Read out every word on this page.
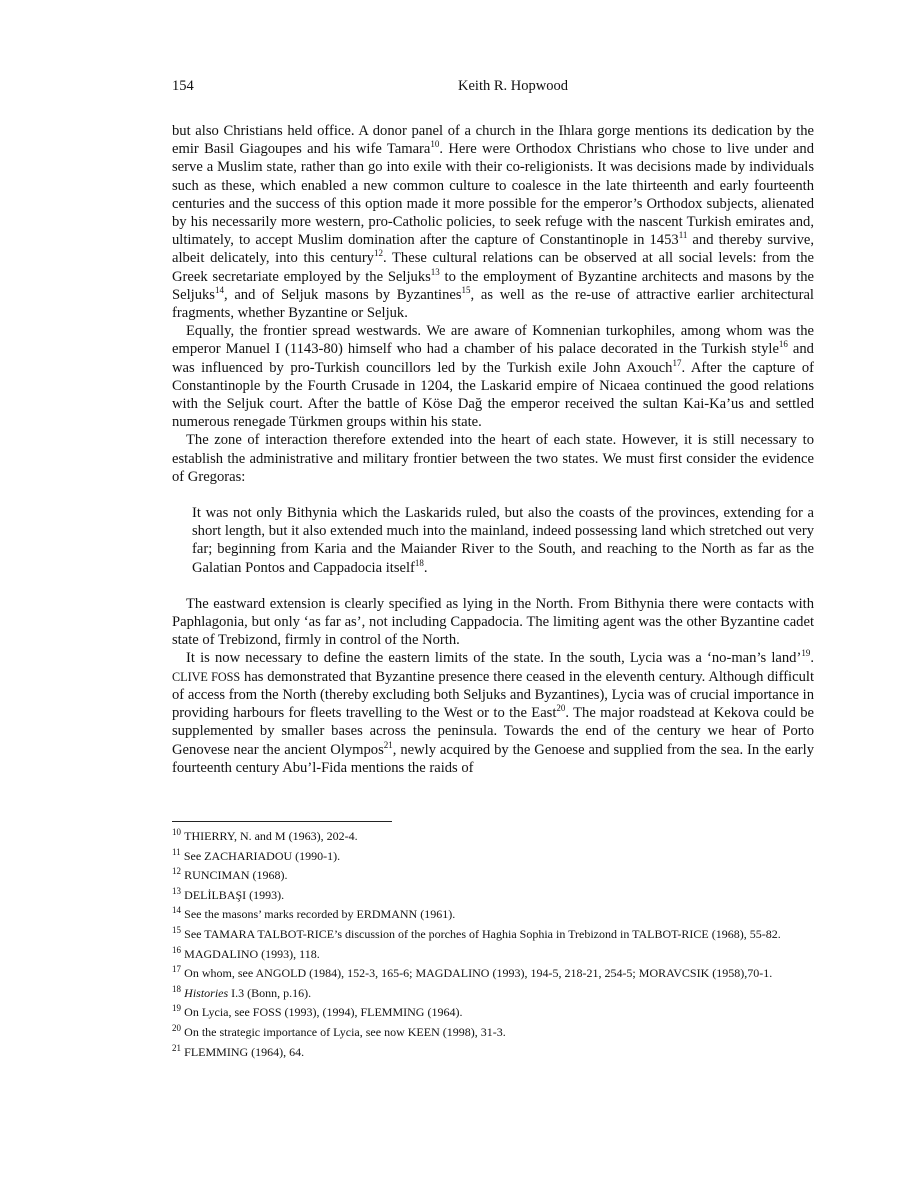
154	Keith R. Hopwood

but also Christians held office. A donor panel of a church in the Ihlara gorge mentions its dedication by the emir Basil Giagoupes and his wife Tamara$^{10}$. Here were Orthodox Christians who chose to live under and serve a Muslim state, rather than go into exile with their co-religionists. It was decisions made by individuals such as these, which enabled a new common culture to coalesce in the late thirteenth and early fourteenth centuries and the success of this option made it more possible for the emperor’s Orthodox subjects, alienated by his necessarily more western, pro-Catholic policies, to seek refuge with the nascent Turkish emirates and, ultimately, to accept Muslim domination after the capture of Constantinople in 1453$^{11}$ and thereby survive, albeit delicately, into this century$^{12}$. These cultural relations can be observed at all social levels: from the Greek secretariate employed by the Seljuks$^{13}$ to the employment of Byzantine architects and masons by the Seljuks$^{14}$, and of Seljuk masons by Byzantines$^{15}$, as well as the re-use of attractive earlier architectural fragments, whether Byzantine or Seljuk.

Equally, the frontier spread westwards. We are aware of Komnenian turkophiles, among whom was the emperor Manuel I (1143-80) himself who had a chamber of his palace decorated in the Turkish style$^{16}$ and was influenced by pro-Turkish councillors led by the Turkish exile John Axouch$^{17}$. After the capture of Constantinople by the Fourth Crusade in 1204, the Laskarid empire of Nicaea continued the good relations with the Seljuk court. After the battle of Köse Dağ the emperor received the sultan Kai-Ka’us and settled numerous renegade Türkmen groups within his state.

The zone of interaction therefore extended into the heart of each state. However, it is still necessary to establish the administrative and military frontier between the two states. We must first consider the evidence of Gregoras:

It was not only Bithynia which the Laskarids ruled, but also the coasts of the provinces, extending for a short length, but it also extended much into the mainland, indeed possessing land which stretched out very far; beginning from Karia and the Maiander River to the South, and reaching to the North as far as the Galatian Pontos and Cappadocia itself$^{18}$.

The eastward extension is clearly specified as lying in the North. From Bithynia there were contacts with Paphlagonia, but only ‘as far as’, not including Cappadocia. The limiting agent was the other Byzantine cadet state of Trebizond, firmly in control of the North.

It is now necessary to define the eastern limits of the state. In the south, Lycia was a ‘no-man’s land’$^{19}$. CLIVE FOSS has demonstrated that Byzantine presence there ceased in the eleventh century. Although difficult of access from the North (thereby excluding both Seljuks and Byzantines), Lycia was of crucial importance in providing harbours for fleets travelling to the West or to the East$^{20}$. The major roadstead at Kekova could be supplemented by smaller bases across the peninsula. Towards the end of the century we hear of Porto Genovese near the ancient Olympos$^{21}$, newly acquired by the Genoese and supplied from the sea. In the early fourteenth century Abu’l-Fida mentions the raids of

$^{10}$ THIERRY, N. and M (1963), 202-4.
$^{11}$ See ZACHARIADOU (1990-1).
$^{12}$ RUNCIMAN (1968).
$^{13}$ DELİLBAŞI (1993).
$^{14}$ See the masons’ marks recorded by ERDMANN (1961).
$^{15}$ See TAMARA TALBOT-RICE’s discussion of the porches of Haghia Sophia in Trebizond in TALBOT-RICE (1968), 55-82.
$^{16}$ MAGDALINO (1993), 118.
$^{17}$ On whom, see ANGOLD (1984), 152-3, 165-6; MAGDALINO (1993), 194-5, 218-21, 254-5; MORAVCSIK (1958),70-1.
$^{18}$ Histories I.3 (Bonn, p.16).
$^{19}$ On Lycia, see FOSS (1993), (1994), FLEMMING (1964).
$^{20}$ On the strategic importance of Lycia, see now KEEN (1998), 31-3.
$^{21}$ FLEMMING (1964), 64.
